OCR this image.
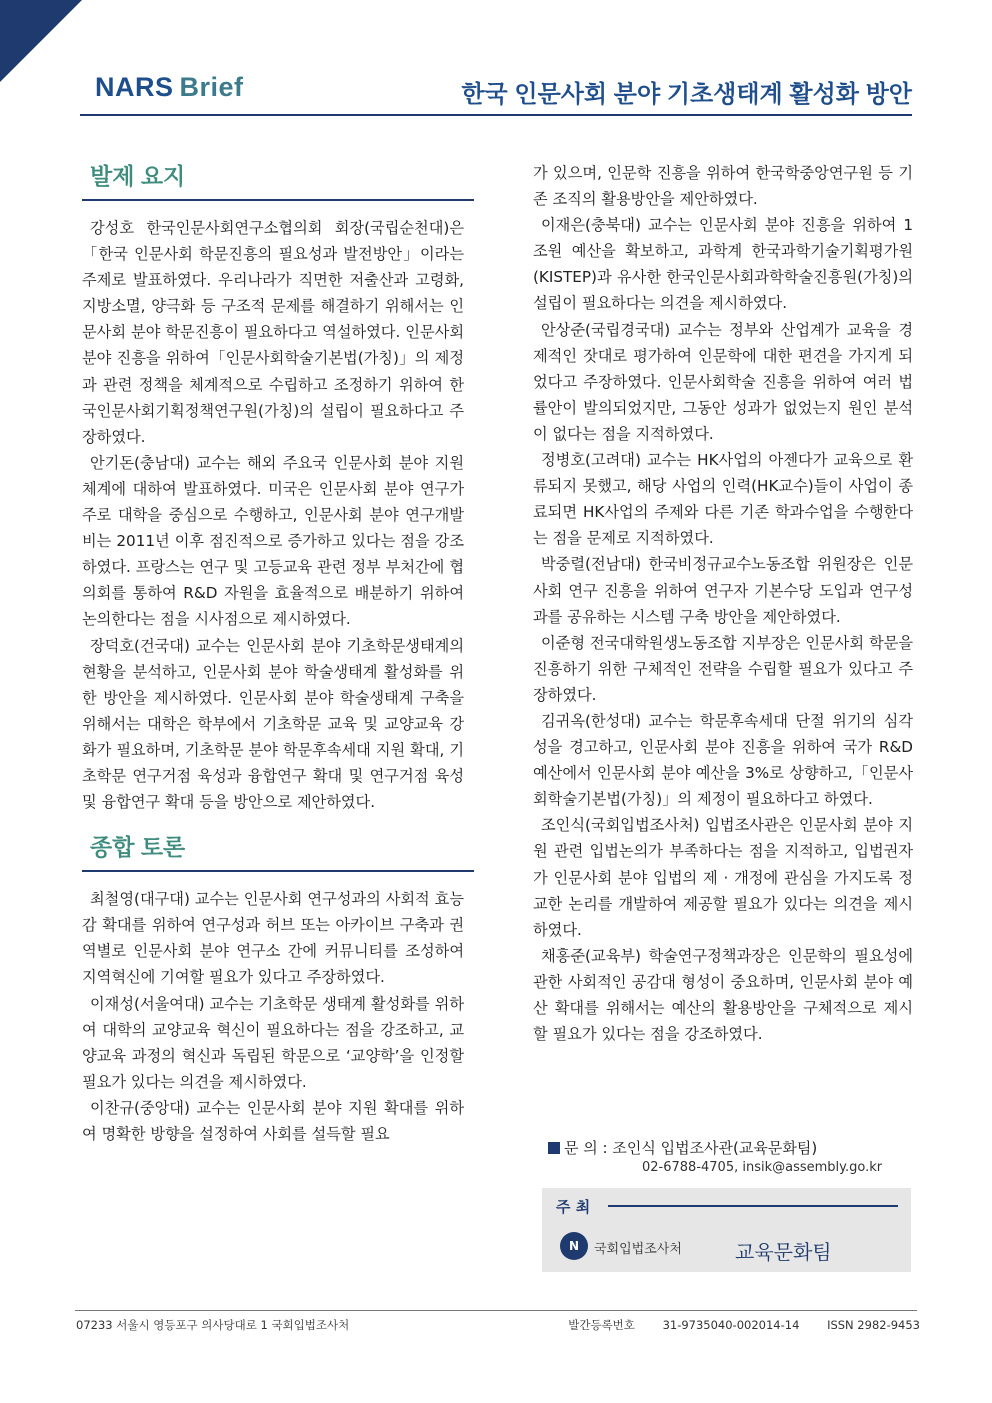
NARS Brief	한국 인문사회 분야 기초생태계 활성화 방안
발제 요지

강성호 한국인문사회연구소협의회 회장(국립순천대)은「한국 인문사회 학문진흥의 필요성과 발전방안」이라는 주제로 발표하였다. 우리나라가 직면한 저출산과 고령화, 지방소멸, 양극화 등 구조적 문제를 해결하기 위해서는 인문사회 분야 학문진흥이 필요하다고 역설하였다. 인문사회 분야 진흥을 위하여「인문사회학술기본법(가칭)」의 제정과 관련 정책을 체계적으로 수립하고 조정하기 위하여 한국인문사회기획정책연구원(가칭)의 설립이 필요하다고 주장하였다.

안기돈(충남대) 교수는 해외 주요국 인문사회 분야 지원 체계에 대하여 발표하였다. 미국은 인문사회 분야 연구가 주로 대학을 중심으로 수행하고, 인문사회 분야 연구개발비는 2011년 이후 점진적으로 증가하고 있다는 점을 강조하였다. 프랑스는 연구 및 고등교육 관련 정부 부처간에 협의회를 통하여 R&D 자원을 효율적으로 배분하기 위하여 논의한다는 점을 시사점으로 제시하였다.

장덕호(건국대) 교수는 인문사회 분야 기초학문생태계의 현황을 분석하고, 인문사회 분야 학술생태계 활성화를 위한 방안을 제시하였다. 인문사회 분야 학술생태계 구축을 위해서는 대학은 학부에서 기초학문 교육 및 교양교육 강화가 필요하며, 기초학문 분야 학문후속세대 지원 확대, 기초학문 연구거점 육성과 융합연구 확대 및 연구거점 육성 및 융합연구 확대 등을 방안으로 제안하였다.

종합 토론

최철영(대구대) 교수는 인문사회 연구성과의 사회적 효능감 확대를 위하여 연구성과 허브 또는 아카이브 구축과 권역별로 인문사회 분야 연구소 간에 커뮤니티를 조성하여 지역혁신에 기여할 필요가 있다고 주장하였다.

이재성(서울여대) 교수는 기초학문 생태계 활성화를 위하여 대학의 교양교육 혁신이 필요하다는 점을 강조하고, 교양교육 과정의 혁신과 독립된 학문으로 ‘교양학’을 인정할 필요가 있다는 의견을 제시하였다.

이찬규(중앙대) 교수는 인문사회 분야 지원 확대를 위하여 명확한 방향을 설정하여 사회를 설득할 필요

가 있으며, 인문학 진흥을 위하여 한국학중앙연구원 등 기존 조직의 활용방안을 제안하였다.

이재은(충북대) 교수는 인문사회 분야 진흥을 위하여 1조원 예산을 확보하고, 과학계 한국과학기술기획평가원(KISTEP)과 유사한 한국인문사회과학학술진흥원(가칭)의 설립이 필요하다는 의견을 제시하였다.

안상준(국립경국대) 교수는 정부와 산업계가 교육을 경제적인 잣대로 평가하여 인문학에 대한 편견을 가지게 되었다고 주장하였다. 인문사회학술 진흥을 위하여 여러 법률안이 발의되었지만, 그동안 성과가 없었는지 원인 분석이 없다는 점을 지적하였다.

정병호(고려대) 교수는 HK사업의 아젠다가 교육으로 환류되지 못했고, 해당 사업의 인력(HK교수)들이 사업이 종료되면 HK사업의 주제와 다른 기존 학과수업을 수행한다는 점을 문제로 지적하였다.

박중렬(전남대) 한국비정규교수노동조합 위원장은 인문사회 연구 진흥을 위하여 연구자 기본수당 도입과 연구성과를 공유하는 시스템 구축 방안을 제안하였다.

이준형 전국대학원생노동조합 지부장은 인문사회 학문을 진흥하기 위한 구체적인 전략을 수립할 필요가 있다고 주장하였다.

김귀옥(한성대) 교수는 학문후속세대 단절 위기의 심각성을 경고하고, 인문사회 분야 진흥을 위하여 국가 R&D 예산에서 인문사회 분야 예산을 3%로 상향하고,「인문사회학술기본법(가칭)」의 제정이 필요하다고 하였다.

조인식(국회입법조사처) 입법조사관은 인문사회 분야 지원 관련 입법논의가 부족하다는 점을 지적하고, 입법권자가 인문사회 분야 입법의 제 · 개정에 관심을 가지도록 정교한 논리를 개발하여 제공할 필요가 있다는 의견을 제시하였다.

채홍준(교육부) 학술연구정책과장은 인문학의 필요성에 관한 사회적인 공감대 형성이 중요하며, 인문사회 분야 예산 확대를 위해서는 예산의 활용방안을 구체적으로 제시할 필요가 있다는 점을 강조하였다.

문 의 : 조인식 입법조사관(교육문화팀)
02-6788-4705, insik@assembly.go.kr
주 최
N	국회입법조사처	교육문화팀
07233 서울시 영등포구 의사당대로 1 국회입법조사처	발간등록번호 31-9735040-002014-14 ISSN 2982-9453
